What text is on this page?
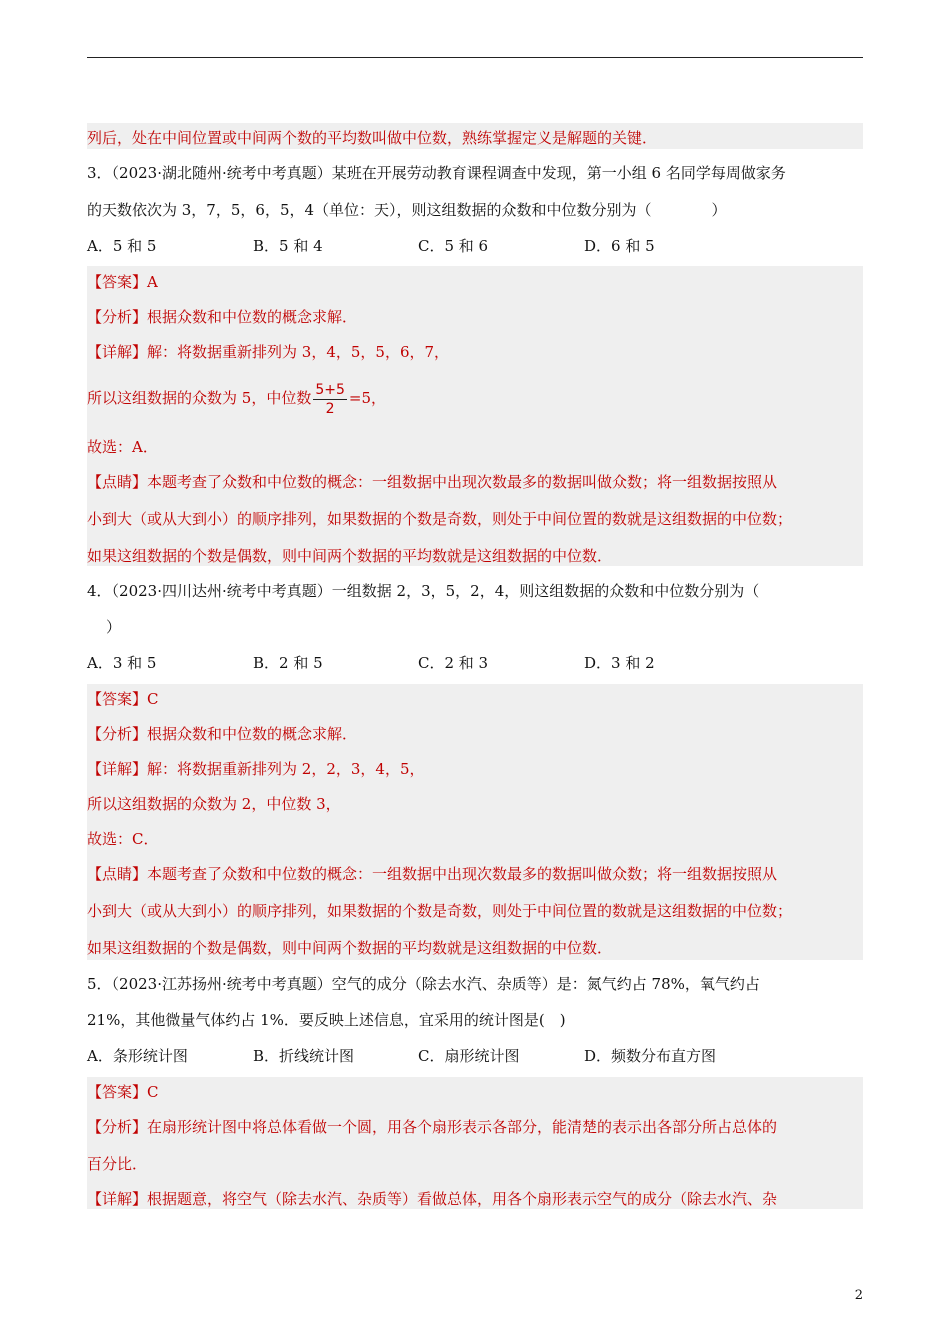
列后，处在中间位置或中间两个数的平均数叫做中位数，熟练掌握定义是解题的关键．
3．（2023·湖北随州·统考中考真题）某班在开展劳动教育课程调查中发现，第一小组 6 名同学每周做家务
的天数依次为 3，7，5，6，5，4（单位：天），则这组数据的众数和中位数分别为（　　　　）
A．5 和 5	B．5 和 4	C．5 和 6	D．6 和 5
【答案】A
【分析】根据众数和中位数的概念求解．
【详解】解：将数据重新排列为 3，4，5，5，6，7，
所以这组数据的众数为 5，中位数 $\frac{5+5}{2} =5$，
故选：A．
【点睛】本题考查了众数和中位数的概念：一组数据中出现次数最多的数据叫做众数；将一组数据按照从
小到大（或从大到小）的顺序排列，如果数据的个数是奇数，则处于中间位置的数就是这组数据的中位数；
如果这组数据的个数是偶数，则中间两个数据的平均数就是这组数据的中位数．
4．（2023·四川达州·统考中考真题）一组数据 2，3，5，2，4，则这组数据的众数和中位数分别为（
）
A．3 和 5	B．2 和 5	C．2 和 3	D．3 和 2
【答案】C
【分析】根据众数和中位数的概念求解．
【详解】解：将数据重新排列为 2，2，3，4，5，
所以这组数据的众数为 2，中位数 3，
故选：C．
【点睛】本题考查了众数和中位数的概念：一组数据中出现次数最多的数据叫做众数；将一组数据按照从
小到大（或从大到小）的顺序排列，如果数据的个数是奇数，则处于中间位置的数就是这组数据的中位数；
如果这组数据的个数是偶数，则中间两个数据的平均数就是这组数据的中位数．
5．（2023·江苏扬州·统考中考真题）空气的成分（除去水汽、杂质等）是：氮气约占 78%，氧气约占
21%，其他微量气体约占 1%．要反映上述信息，宜采用的统计图是(　)
A．条形统计图	B．折线统计图	C．扇形统计图	D．频数分布直方图
【答案】C
【分析】在扇形统计图中将总体看做一个圆，用各个扇形表示各部分，能清楚的表示出各部分所占总体的
百分比．
【详解】根据题意，将空气（除去水汽、杂质等）看做总体，用各个扇形表示空气的成分（除去水汽、杂
2
